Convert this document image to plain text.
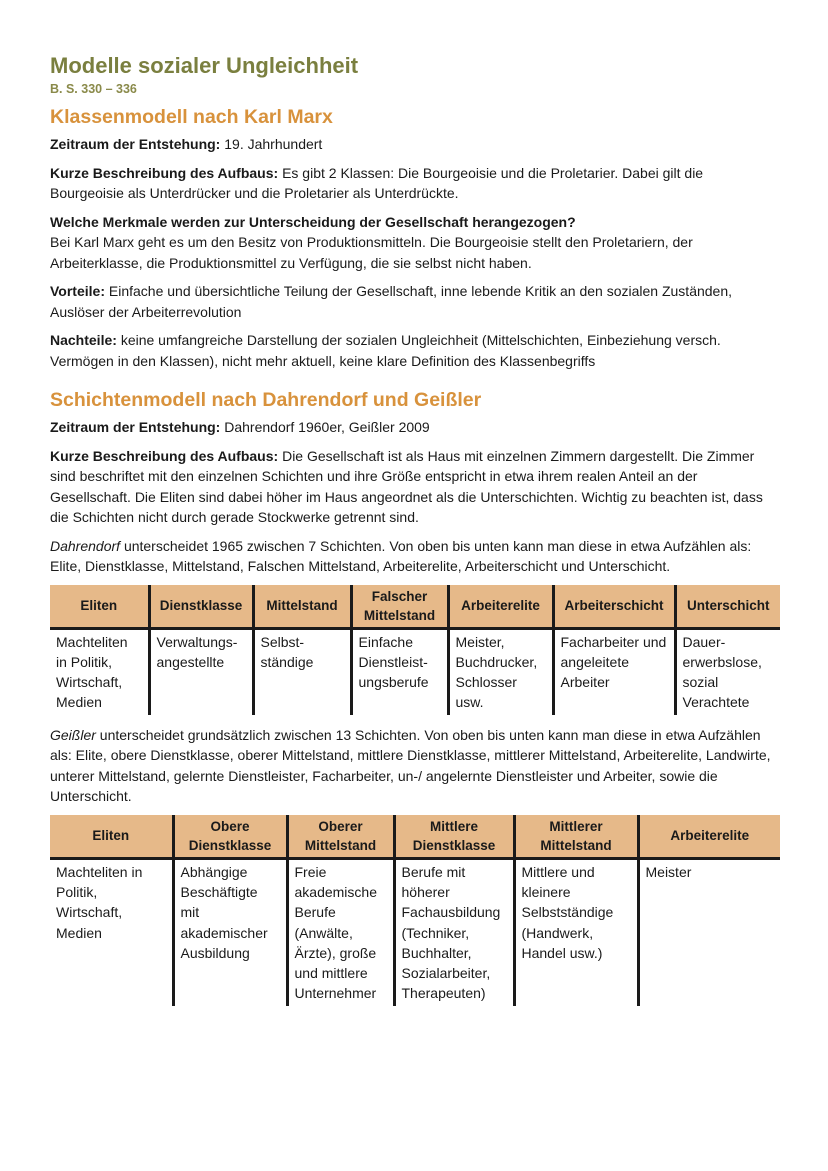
Modelle sozialer Ungleichheit
B. S. 330 – 336
Klassenmodell nach Karl Marx

Zeitraum der Entstehung: 19. Jahrhundert

Kurze Beschreibung des Aufbaus: Es gibt 2 Klassen: Die Bourgeoisie und die Proletarier. Dabei gilt die Bourgeoisie als Unterdrücker und die Proletarier als Unterdrückte.

Welche Merkmale werden zur Unterscheidung der Gesellschaft herangezogen?
Bei Karl Marx geht es um den Besitz von Produktionsmitteln. Die Bourgeoisie stellt den Proletariern, der Arbeiterklasse, die Produktionsmittel zu Verfügung, die sie selbst nicht haben.

Vorteile: Einfache und übersichtliche Teilung der Gesellschaft, inne lebende Kritik an den sozialen Zuständen, Auslöser der Arbeiterrevolution

Nachteile: keine umfangreiche Darstellung der sozialen Ungleichheit (Mittelschichten, Einbeziehung versch. Vermögen in den Klassen), nicht mehr aktuell, keine klare Definition des Klassenbegriffs

Schichtenmodell nach Dahrendorf und Geißler

Zeitraum der Entstehung: Dahrendorf 1960er, Geißler 2009

Kurze Beschreibung des Aufbaus: Die Gesellschaft ist als Haus mit einzelnen Zimmern dargestellt. Die Zimmer sind beschriftet mit den einzelnen Schichten und ihre Größe entspricht in etwa ihrem realen Anteil an der Gesellschaft. Die Eliten sind dabei höher im Haus angeordnet als die Unterschichten. Wichtig zu beachten ist, dass die Schichten nicht durch gerade Stockwerke getrennt sind.

Dahrendorf unterscheidet 1965 zwischen 7 Schichten. Von oben bis unten kann man diese in etwa Aufzählen als: Elite, Dienstklasse, Mittelstand, Falschen Mittelstand, Arbeiterelite, Arbeiterschicht und Unterschicht.

Eliten	Dienstklasse	Mittelstand	Falscher Mittelstand	Arbeiterelite	Arbeiterschicht	Unterschicht
Machteliten in Politik, Wirtschaft, Medien	Verwaltungs-angestellte	Selbst-ständige	Einfache Dienstleist-ungsberufe	Meister, Buchdrucker, Schlosser usw.	Facharbeiter und angeleitete Arbeiter	Dauer-erwerbslose, sozial Verachtete

Geißler unterscheidet grundsätzlich zwischen 13 Schichten. Von oben bis unten kann man diese in etwa Aufzählen als: Elite, obere Dienstklasse, oberer Mittelstand, mittlere Dienstklasse, mittlerer Mittelstand, Arbeiterelite, Landwirte, unterer Mittelstand, gelernte Dienstleister, Facharbeiter, un-/ angelernte Dienstleister und Arbeiter, sowie die Unterschicht.

Eliten	Obere Dienstklasse	Oberer Mittelstand	Mittlere Dienstklasse	Mittlerer Mittelstand	Arbeiterelite
Machteliten in Politik, Wirtschaft, Medien	Abhängige Beschäftigte mit akademischer Ausbildung	Freie akademische Berufe (Anwälte, Ärzte), große und mittlere Unternehmer	Berufe mit höherer Fachausbildung (Techniker, Buchhalter, Sozialarbeiter, Therapeuten)	Mittlere und kleinere Selbstständige (Handwerk, Handel usw.)	Meister
